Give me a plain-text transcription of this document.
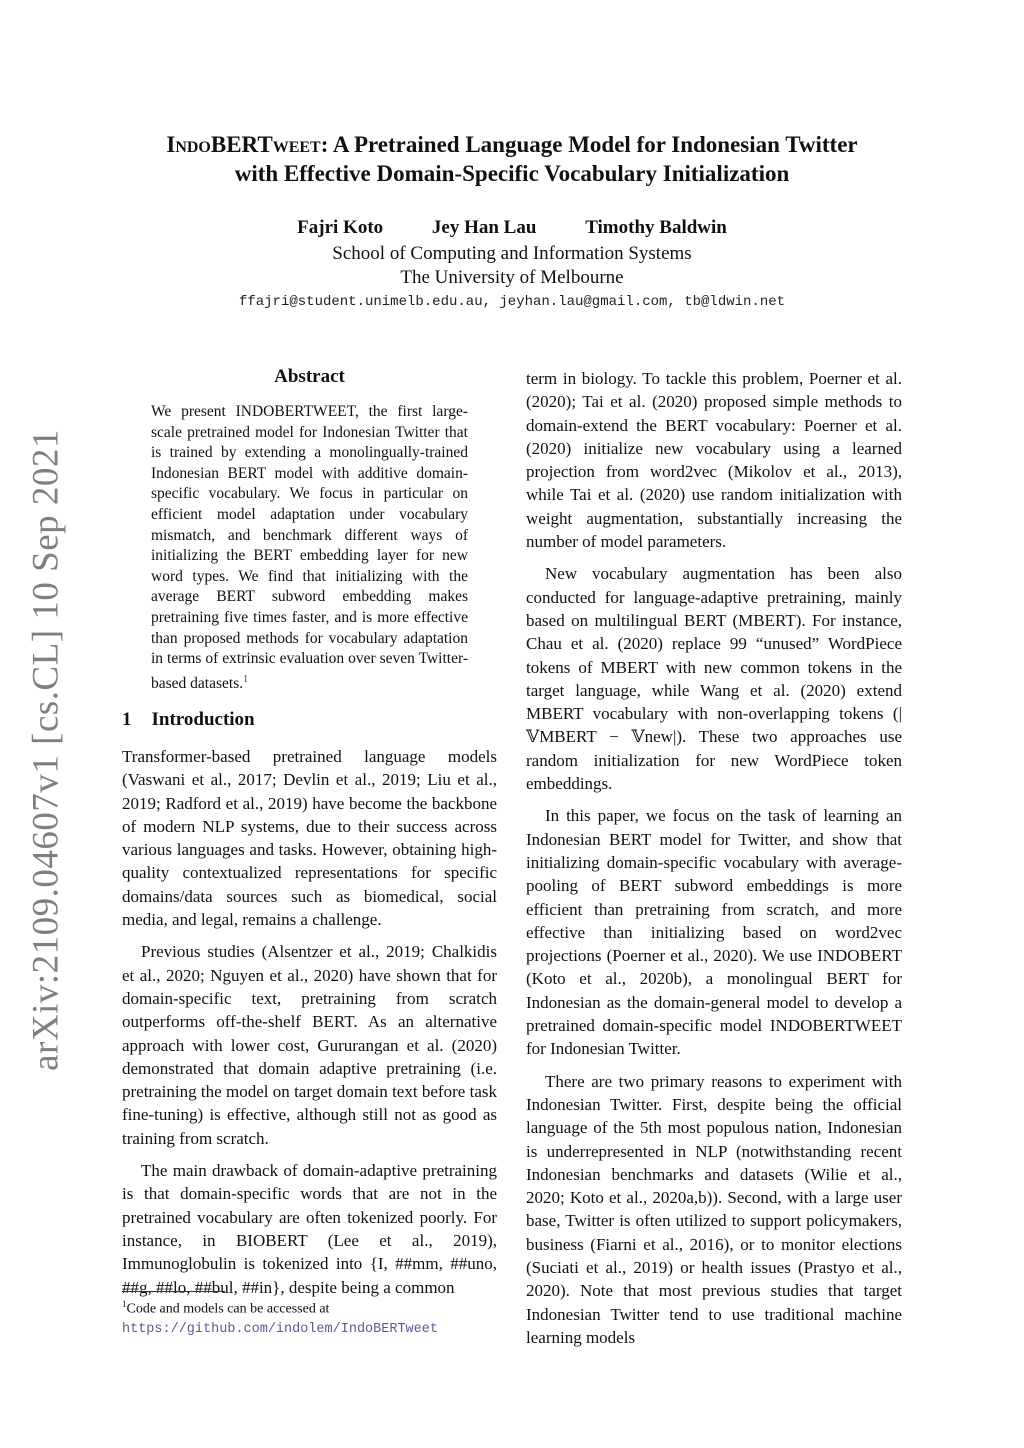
arXiv:2109.04607v1 [cs.CL] 10 Sep 2021
IndoBERTweet: A Pretrained Language Model for Indonesian Twitter
with Effective Domain-Specific Vocabulary Initialization
Fajri Koto	Jey Han Lau	Timothy Baldwin
School of Computing and Information Systems
The University of Melbourne
ffajri@student.unimelb.edu.au, jeyhan.lau@gmail.com, tb@ldwin.net
Abstract
We present INDOBERTWEET, the first large-scale pretrained model for Indonesian Twitter that is trained by extending a monolingually-trained Indonesian BERT model with additive domain-specific vocabulary. We focus in particular on efficient model adaptation under vocabulary mismatch, and benchmark different ways of initializing the BERT embedding layer for new word types. We find that initializing with the average BERT subword embedding makes pretraining five times faster, and is more effective than proposed methods for vocabulary adaptation in terms of extrinsic evaluation over seven Twitter-based datasets.$^1$
1 Introduction

Transformer-based pretrained language models (Vaswani et al., 2017; Devlin et al., 2019; Liu et al., 2019; Radford et al., 2019) have become the backbone of modern NLP systems, due to their success across various languages and tasks. However, obtaining high-quality contextualized representations for specific domains/data sources such as biomedical, social media, and legal, remains a challenge.

Previous studies (Alsentzer et al., 2019; Chalkidis et al., 2020; Nguyen et al., 2020) have shown that for domain-specific text, pretraining from scratch outperforms off-the-shelf BERT. As an alternative approach with lower cost, Gururangan et al. (2020) demonstrated that domain adaptive pretraining (i.e. pretraining the model on target domain text before task fine-tuning) is effective, although still not as good as training from scratch.

The main drawback of domain-adaptive pretraining is that domain-specific words that are not in the pretrained vocabulary are often tokenized poorly. For instance, in BIOBERT (Lee et al., 2019), Immunoglobulin is tokenized into {I, ##mm, ##uno, ##g, ##lo, ##bul, ##in}, despite being a common

$^1$Code and models can be accessed at https://github.com/indolem/IndoBERTweet

term in biology. To tackle this problem, Poerner et al. (2020); Tai et al. (2020) proposed simple methods to domain-extend the BERT vocabulary: Poerner et al. (2020) initialize new vocabulary using a learned projection from word2vec (Mikolov et al., 2013), while Tai et al. (2020) use random initialization with weight augmentation, substantially increasing the number of model parameters.

New vocabulary augmentation has been also conducted for language-adaptive pretraining, mainly based on multilingual BERT (MBERT). For instance, Chau et al. (2020) replace 99 “unused” WordPiece tokens of MBERT with new common tokens in the target language, while Wang et al. (2020) extend MBERT vocabulary with non-overlapping tokens (|𝕍MBERT − 𝕍new|). These two approaches use random initialization for new WordPiece token embeddings.

In this paper, we focus on the task of learning an Indonesian BERT model for Twitter, and show that initializing domain-specific vocabulary with average-pooling of BERT subword embeddings is more efficient than pretraining from scratch, and more effective than initializing based on word2vec projections (Poerner et al., 2020). We use INDOBERT (Koto et al., 2020b), a monolingual BERT for Indonesian as the domain-general model to develop a pretrained domain-specific model INDOBERTWEET for Indonesian Twitter.

There are two primary reasons to experiment with Indonesian Twitter. First, despite being the official language of the 5th most populous nation, Indonesian is underrepresented in NLP (notwithstanding recent Indonesian benchmarks and datasets (Wilie et al., 2020; Koto et al., 2020a,b)). Second, with a large user base, Twitter is often utilized to support policymakers, business (Fiarni et al., 2016), or to monitor elections (Suciati et al., 2019) or health issues (Prastyo et al., 2020). Note that most previous studies that target Indonesian Twitter tend to use traditional machine learning models
